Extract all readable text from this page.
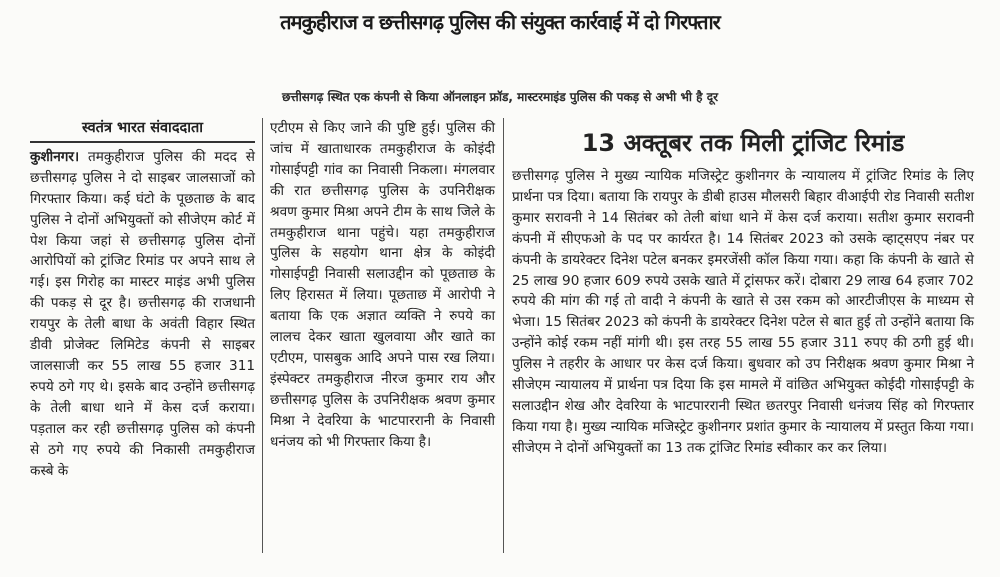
तमकुहीराज व छत्तीसगढ़ पुलिस की संयुक्त कार्रवाई में दो गिरफ्तार
छत्तीसगढ़ स्थित एक कंपनी से किया ऑनलाइन फ्रॉड, मास्टरमाइंड पुलिस की पकड़ से अभी भी है दूर
स्वतंत्र भारत संवाददाता

कुशीनगर। तमकुहीराज पुलिस की मदद से छत्तीसगढ़ पुलिस ने दो साइबर जालसाजों को गिरफ्तार किया। कई घंटो के पूछताछ के बाद पुलिस ने दोनों अभियुक्तों को सीजेएम कोर्ट में पेश किया जहां से छत्तीसगढ़ पुलिस दोनों आरोपियों को ट्रांजिट रिमांड पर अपने साथ ले गई। इस गिरोह का मास्टर माइंड अभी पुलिस की पकड़ से दूर है। छत्तीसगढ़ की राजधानी रायपुर के तेली बाधा के अवंती विहार स्थित डीवी प्रोजेक्ट लिमिटेड कंपनी से साइबर जालसाजी कर 55 लाख 55 हजार 311 रुपये ठगे गए थे। इसके बाद उन्होंने छत्तीसगढ़ के तेली बाधा थाने में केस दर्ज कराया। पड़ताल कर रही छत्तीसगढ़ पुलिस को कंपनी से ठगे गए रुपये की निकासी तमकुहीराज कस्बे के

एटीएम से किए जाने की पुष्टि हुई। पुलिस की जांच में खाताधारक तमकुहीराज के कोइंदी गोसाईपट्टी गांव का निवासी निकला। मंगलवार की रात छत्तीसगढ़ पुलिस के उपनिरीक्षक श्रवण कुमार मिश्रा अपने टीम के साथ जिले के तमकुहीराज थाना पहुंचे। यहा तमकुहीराज पुलिस के सहयोग थाना क्षेत्र के कोइंदी गोसाईपट्टी निवासी सलाउद्दीन को पूछताछ के लिए हिरासत में लिया। पूछताछ में आरोपी ने बताया कि एक अज्ञात व्यक्ति ने रुपये का लालच देकर खाता खुलवाया और खाते का एटीएम, पासबुक आदि अपने पास रख लिया। इंस्पेक्टर तमकुहीराज नीरज कुमार राय और छत्तीसगढ़ पुलिस के उपनिरीक्षक श्रवण कुमार मिश्रा ने देवरिया के भाटपाररानी के निवासी धनंजय को भी गिरफ्तार किया है।

13 अक्तूबर तक मिली ट्रांजिट रिमांड

छत्तीसगढ़ पुलिस ने मुख्य न्यायिक मजिस्ट्रेट कुशीनगर के न्यायालय में ट्रांजिट रिमांड के लिए प्रार्थना पत्र दिया। बताया कि रायपुर के डीबी हाउस मौलसरी बिहार वीआईपी रोड निवासी सतीश कुमार सरावनी ने 14 सितंबर को तेली बांधा थाने में केस दर्ज कराया। सतीश कुमार सरावनी कंपनी में सीएफओ के पद पर कार्यरत है। 14 सितंबर 2023 को उसके व्हाट्सएप नंबर पर कंपनी के डायरेक्टर दिनेश पटेल बनकर इमरजेंसी कॉल किया गया। कहा कि कंपनी के खाते से 25 लाख 90 हजार 609 रुपये उसके खाते में ट्रांसफर करें। दोबारा 29 लाख 64 हजार 702 रुपये की मांग की गई तो वादी ने कंपनी के खाते से उस रकम को आरटीजीएस के माध्यम से भेजा। 15 सितंबर 2023 को कंपनी के डायरेक्टर दिनेश पटेल से बात हुई तो उन्होंने बताया कि उन्होंने कोई रकम नहीं मांगी थी। इस तरह 55 लाख 55 हजार 311 रुपए की ठगी हुई थी। पुलिस ने तहरीर के आधार पर केस दर्ज किया। बुधवार को उप निरीक्षक श्रवण कुमार मिश्रा ने सीजेएम न्यायालय में प्रार्थना पत्र दिया कि इस मामले में वांछित अभियुक्त कोईदी गोसाईपट्टी के सलाउद्दीन शेख और देवरिया के भाटपाररानी स्थित छतरपुर निवासी धनंजय सिंह को गिरफ्तार किया गया है। मुख्य न्यायिक मजिस्ट्रेट कुशीनगर प्रशांत कुमार के न्यायालय में प्रस्तुत किया गया। सीजेएम ने दोनों अभियुक्तों का 13 तक ट्रांजिट रिमांड स्वीकार कर कर लिया।
